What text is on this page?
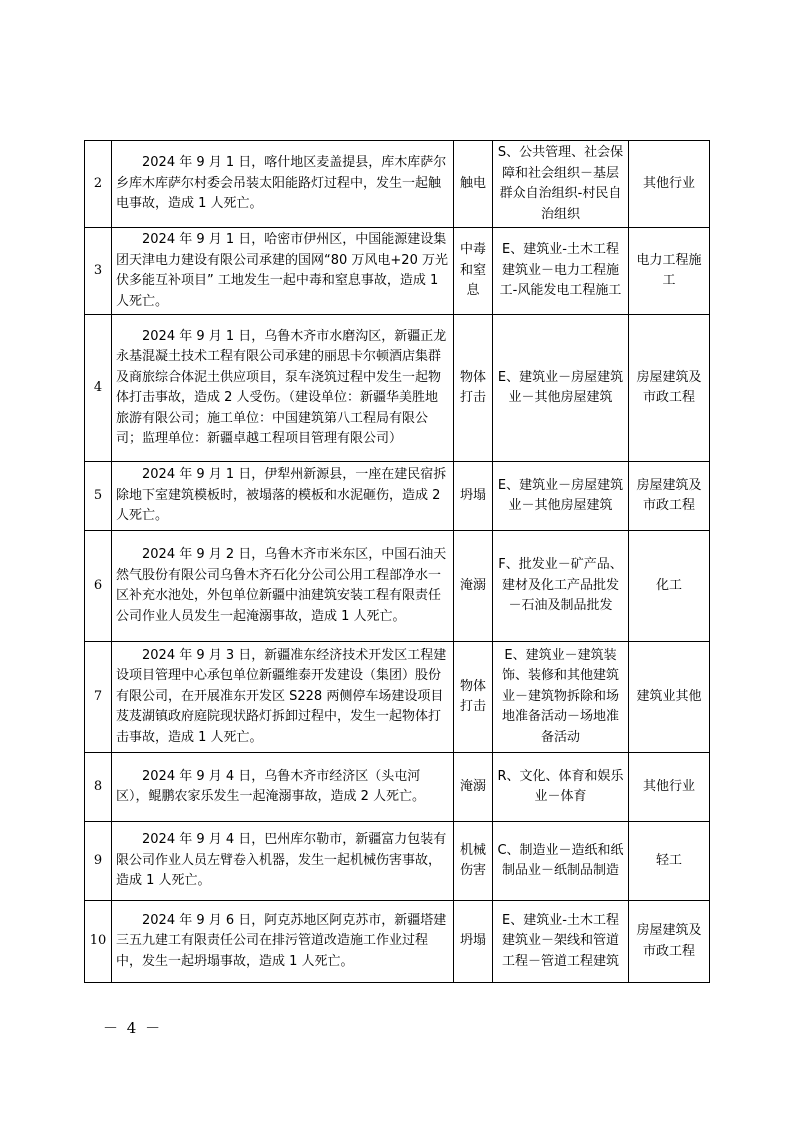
2	2024 年 9 月 1 日，喀什地区麦盖提县，库木库萨尔乡库木库萨尔村委会吊装太阳能路灯过程中，发生一起触电事故，造成 1 人死亡。	触电	S、公共管理、社会保障和社会组织－基层群众自治组织-村民自治组织	其他行业
3	2024 年 9 月 1 日，哈密市伊州区，中国能源建设集团天津电力建设有限公司承建的国网“80 万风电+20 万光伏多能互补项目” 工地发生一起中毒和窒息事故，造成 1 人死亡。	中毒和窒息	E、建筑业-土木工程建筑业－电力工程施工-风能发电工程施工	电力工程施工
4	2024 年 9 月 1 日，乌鲁木齐市水磨沟区，新疆正龙永基混凝土技术工程有限公司承建的丽思卡尔顿酒店集群及商旅综合体泥土供应项目，泵车浇筑过程中发生一起物体打击事故，造成 2 人受伤。（建设单位：新疆华美胜地旅游有限公司；施工单位：中国建筑第八工程局有限公司；监理单位：新疆卓越工程项目管理有限公司）	物体打击	E、建筑业－房屋建筑业－其他房屋建筑	房屋建筑及市政工程
5	2024 年 9 月 1 日，伊犁州新源县，一座在建民宿拆除地下室建筑模板时，被塌落的模板和水泥砸伤，造成 2 人死亡。	坍塌	E、建筑业－房屋建筑业－其他房屋建筑	房屋建筑及市政工程
6	2024 年 9 月 2 日，乌鲁木齐市米东区，中国石油天然气股份有限公司乌鲁木齐石化分公司公用工程部净水一区补充水池处，外包单位新疆中油建筑安装工程有限责任公司作业人员发生一起淹溺事故，造成 1 人死亡。	淹溺	F、批发业－矿产品、建材及化工产品批发－石油及制品批发	化工
7	2024 年 9 月 3 日，新疆准东经济技术开发区工程建设项目管理中心承包单位新疆维泰开发建设（集团）股份有限公司，在开展准东开发区 S228 两侧停车场建设项目芨芨湖镇政府庭院现状路灯拆卸过程中，发生一起物体打击事故，造成 1 人死亡。	物体打击	E、建筑业－建筑装饰、装修和其他建筑业－建筑物拆除和场地准备活动－场地准备活动	建筑业其他
8	2024 年 9 月 4 日，乌鲁木齐市经济区（头屯河区），鲲鹏农家乐发生一起淹溺事故，造成 2 人死亡。	淹溺	R、文化、体育和娱乐业－体育	其他行业
9	2024 年 9 月 4 日，巴州库尔勒市，新疆富力包装有限公司作业人员左臂卷入机器，发生一起机械伤害事故，造成 1 人死亡。	机械伤害	C、制造业－造纸和纸制品业－纸制品制造	轻工
10	2024 年 9 月 6 日，阿克苏地区阿克苏市，新疆塔建三五九建工有限责任公司在排污管道改造施工作业过程中，发生一起坍塌事故，造成 1 人死亡。	坍塌	E、建筑业-土木工程建筑业－架线和管道工程－管道工程建筑	房屋建筑及市政工程
－ 4 －
